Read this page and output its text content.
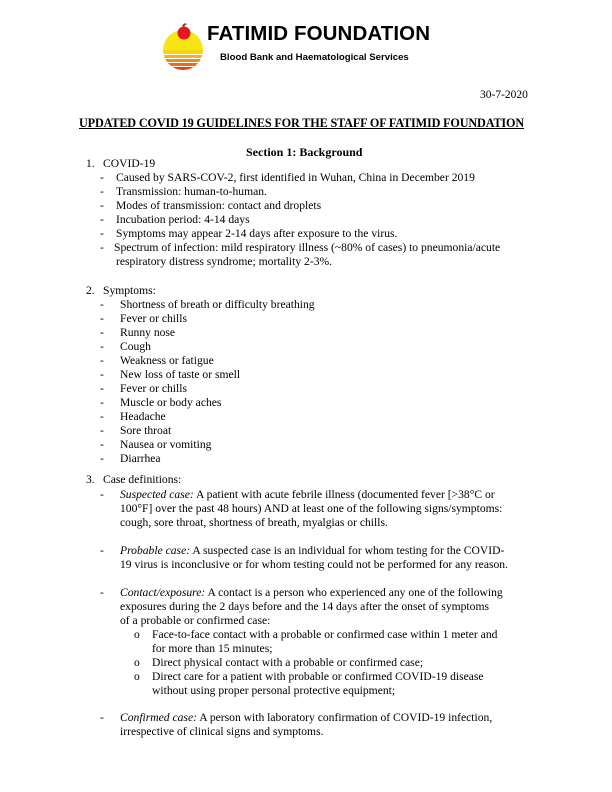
FATIMID FOUNDATION
Blood Bank and Haematological Services
30-7-2020
UPDATED COVID 19 GUIDELINES FOR THE STAFF OF FATIMID FOUNDATION
Section 1: Background
1. COVID-19
- Caused by SARS-COV-2, first identified in Wuhan, China in December 2019
- Transmission: human-to-human.
- Modes of transmission: contact and droplets
- Incubation period: 4-14 days
- Symptoms may appear 2-14 days after exposure to the virus.
- Spectrum of infection: mild respiratory illness (~80% of cases) to pneumonia/acute
respiratory distress syndrome; mortality 2-3%.
2. Symptoms:
- Shortness of breath or difficulty breathing
- Fever or chills
- Runny nose
- Cough
- Weakness or fatigue
- New loss of taste or smell
- Fever or chills
- Muscle or body aches
- Headache
- Sore throat
- Nausea or vomiting
- Diarrhea
3. Case definitions:
- Suspected case: A patient with acute febrile illness (documented fever [>38°C or
100°F] over the past 48 hours) AND at least one of the following signs/symptoms:
cough, sore throat, shortness of breath, myalgias or chills.
- Probable case: A suspected case is an individual for whom testing for the COVID-
19 virus is inconclusive or for whom testing could not be performed for any reason.
- Contact/exposure: A contact is a person who experienced any one of the following
exposures during the 2 days before and the 14 days after the onset of symptoms
of a probable or confirmed case:
o Face-to-face contact with a probable or confirmed case within 1 meter and
for more than 15 minutes;
o Direct physical contact with a probable or confirmed case;
o Direct care for a patient with probable or confirmed COVID-19 disease
without using proper personal protective equipment;
- Confirmed case: A person with laboratory confirmation of COVID-19 infection,
irrespective of clinical signs and symptoms.
